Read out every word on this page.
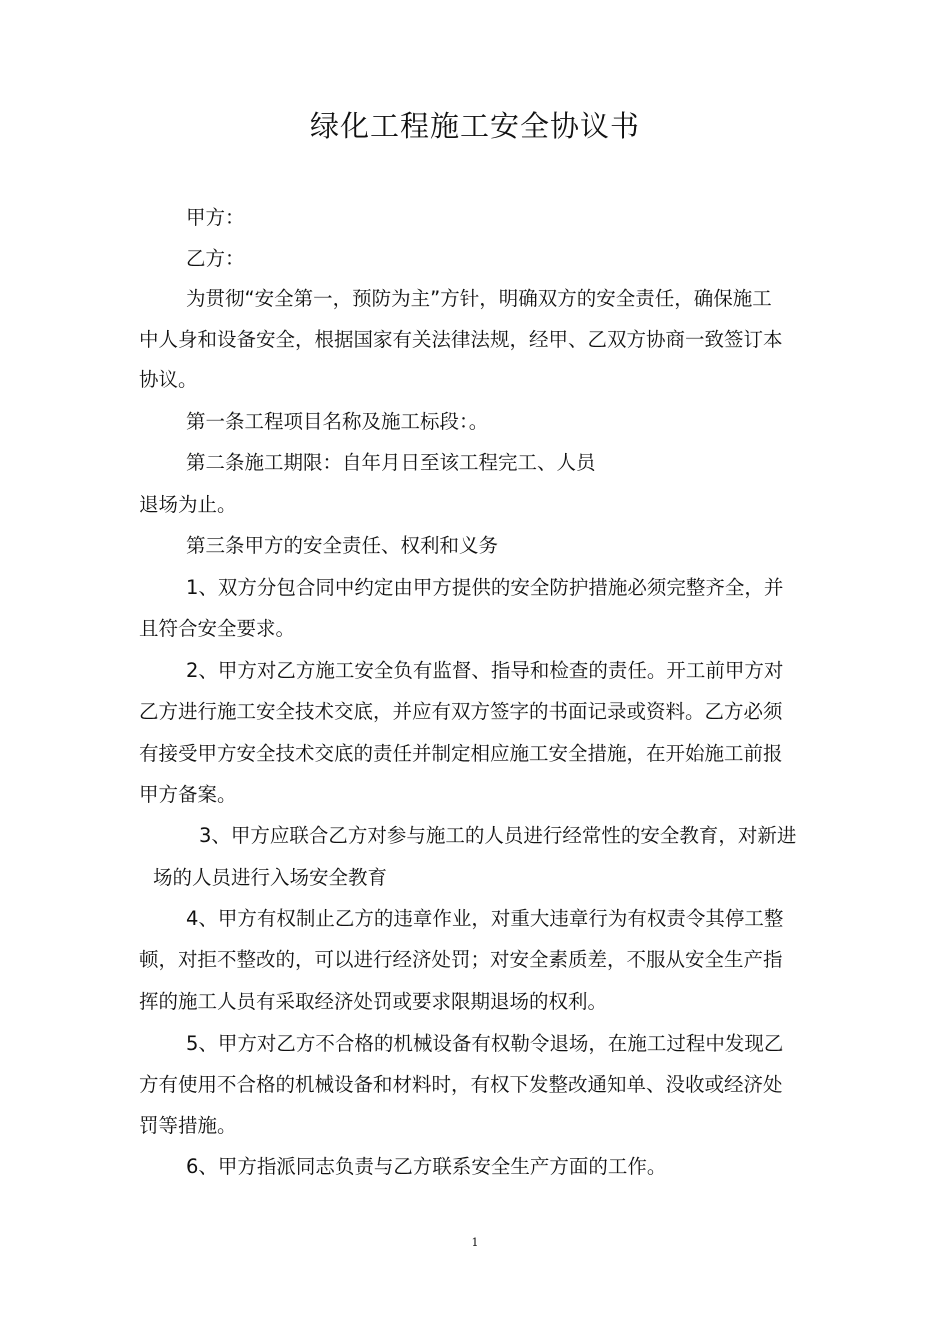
绿化工程施工安全协议书
甲方：
乙方：
为贯彻“安全第一，预防为主”方针，明确双方的安全责任，确保施工
中人身和设备安全，根据国家有关法律法规，经甲、乙双方协商一致签订本
协议。
第一条工程项目名称及施工标段：。
第二条施工期限：自年月日至该工程完工、人员
退场为止。
第三条甲方的安全责任、权利和义务
1、双方分包合同中约定由甲方提供的安全防护措施必须完整齐全，并
且符合安全要求。
2、甲方对乙方施工安全负有监督、指导和检查的责任。开工前甲方对
乙方进行施工安全技术交底，并应有双方签字的书面记录或资料。乙方必须
有接受甲方安全技术交底的责任并制定相应施工安全措施，在开始施工前报
甲方备案。
3、甲方应联合乙方对参与施工的人员进行经常性的安全教育，对新进
场的人员进行入场安全教育
4、甲方有权制止乙方的违章作业，对重大违章行为有权责令其停工整
顿，对拒不整改的，可以进行经济处罚；对安全素质差，不服从安全生产指
挥的施工人员有采取经济处罚或要求限期退场的权利。
5、甲方对乙方不合格的机械设备有权勒令退场，在施工过程中发现乙
方有使用不合格的机械设备和材料时，有权下发整改通知单、没收或经济处
罚等措施。
6、甲方指派同志负责与乙方联系安全生产方面的工作。
1
